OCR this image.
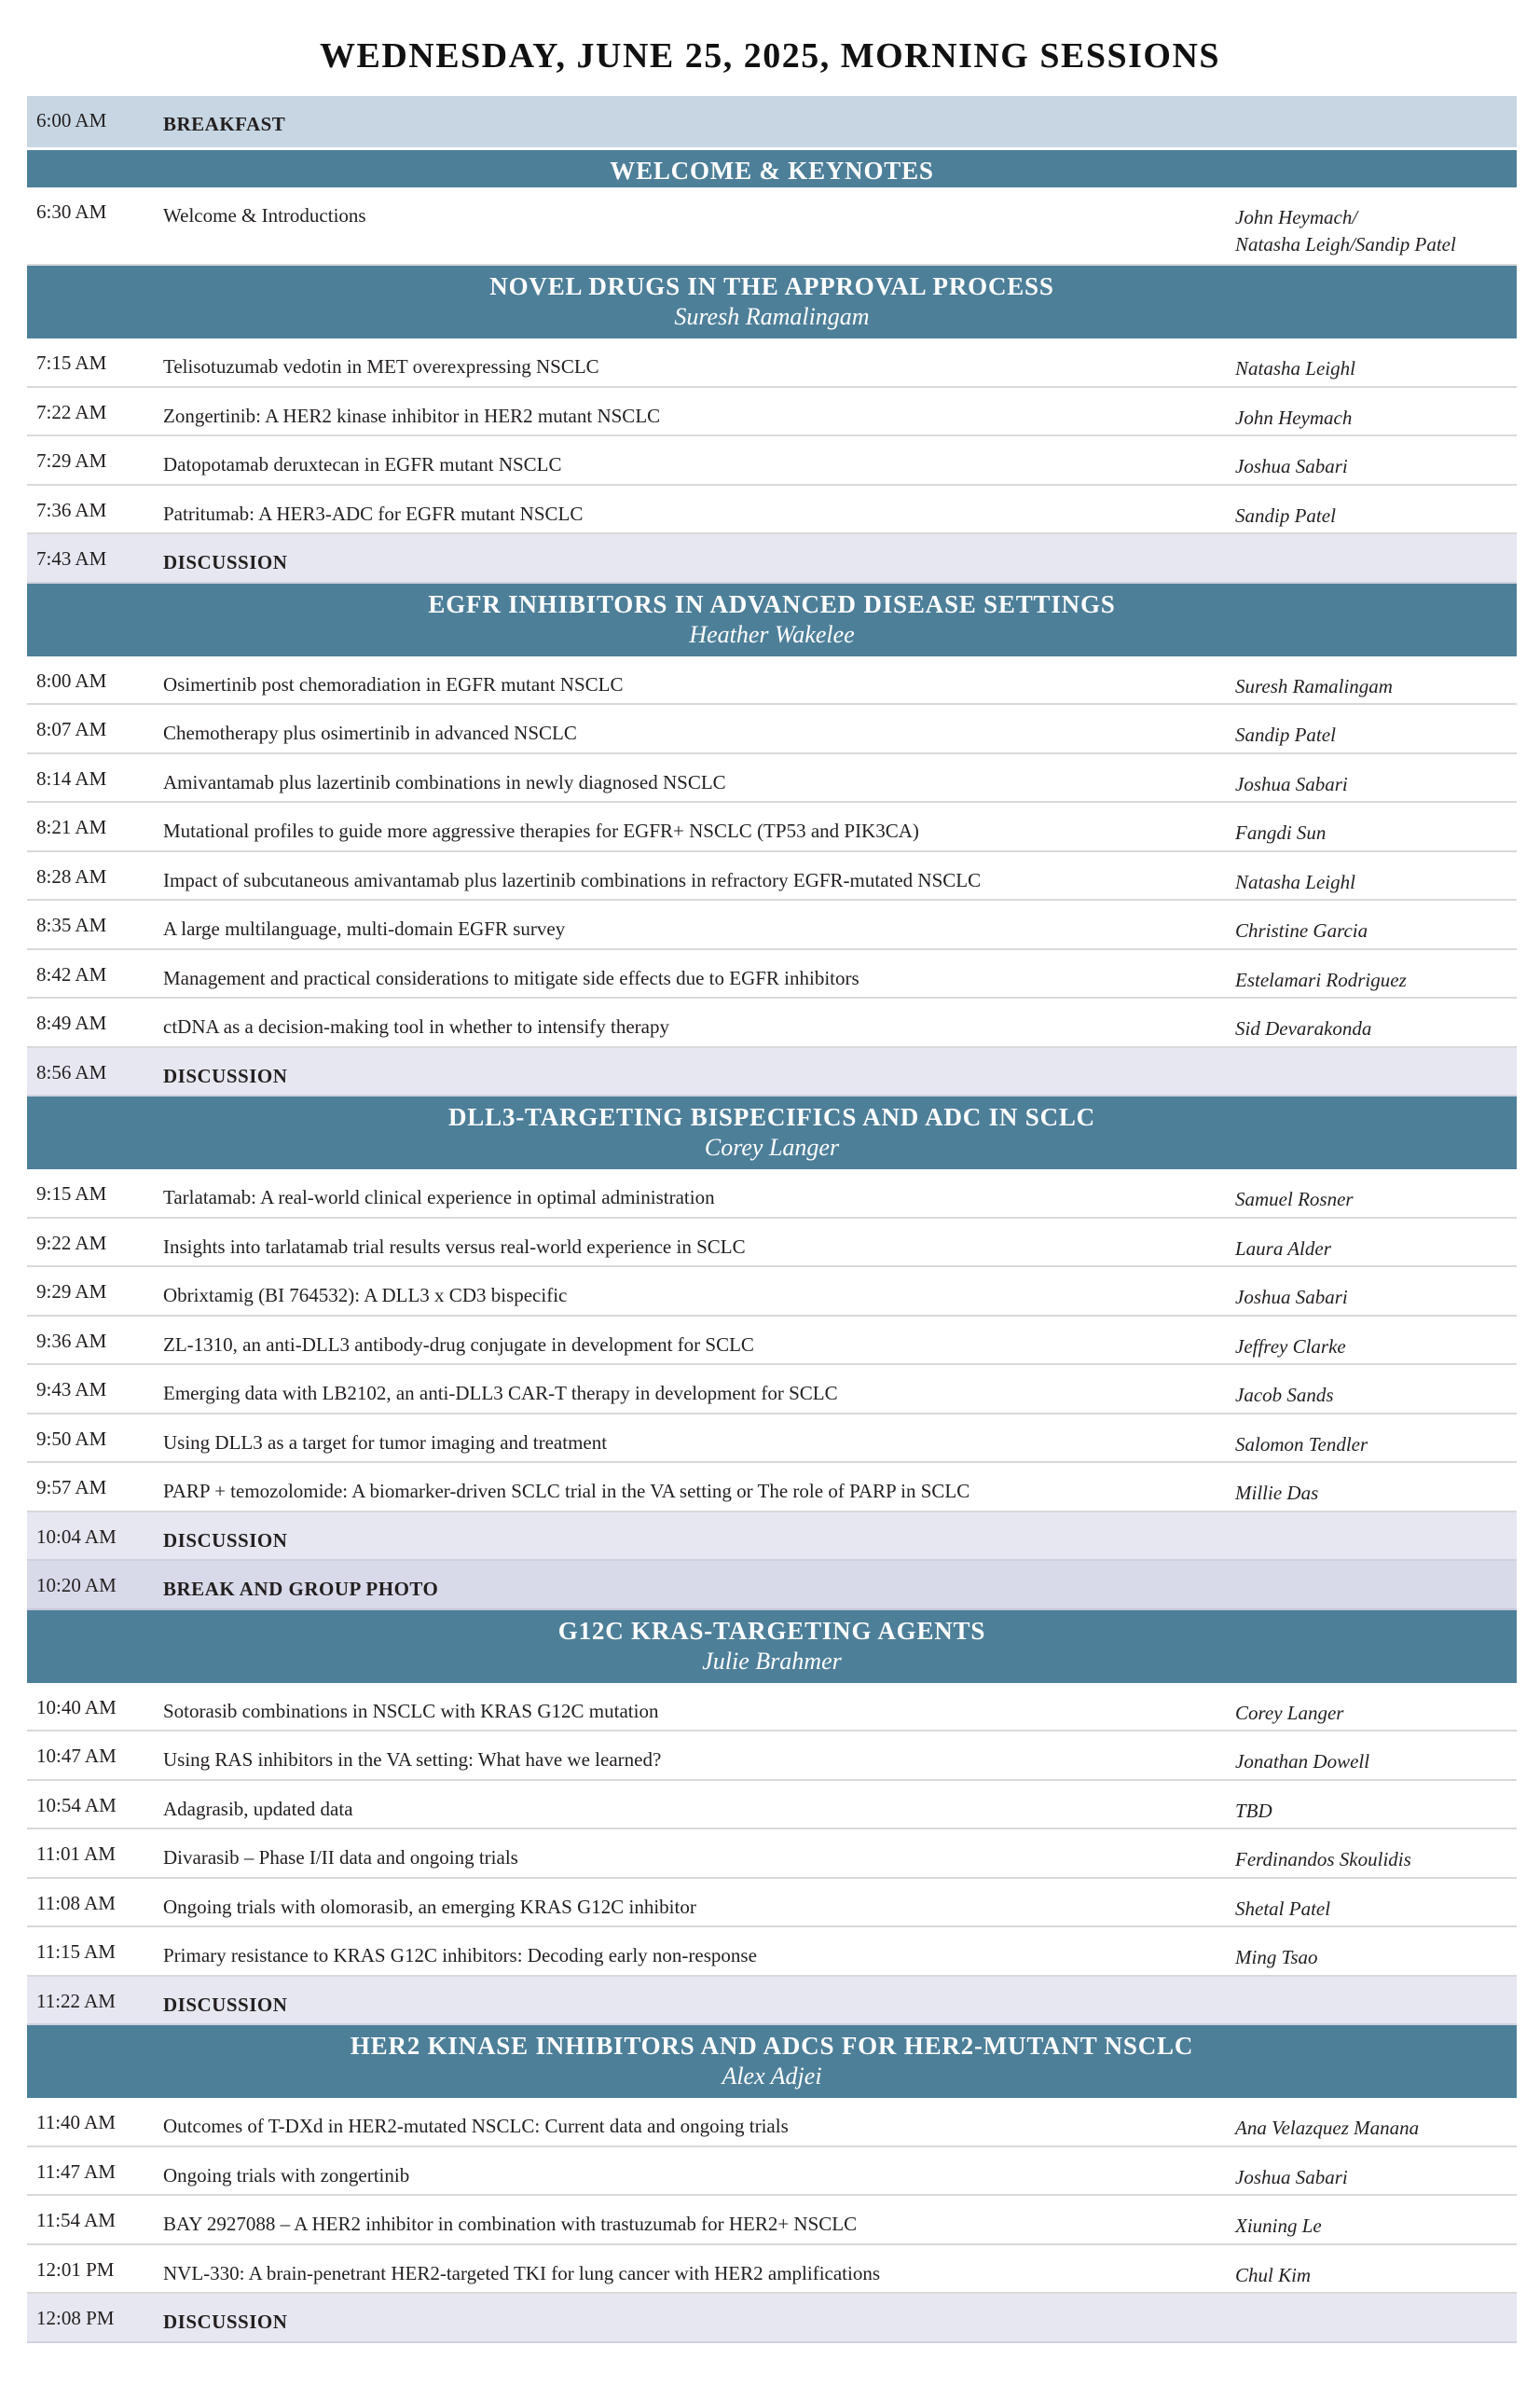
WEDNESDAY, JUNE 25, 2025, MORNING SESSIONS
6:00 AM	BREAKFAST
WELCOME & KEYNOTES
6:30 AM	Welcome & Introductions	John Heymach/
Natasha Leigh/Sandip Patel
NOVEL DRUGS IN THE APPROVAL PROCESS
Suresh Ramalingam
7:15 AM	Telisotuzumab vedotin in MET overexpressing NSCLC	Natasha Leighl
7:22 AM	Zongertinib: A HER2 kinase inhibitor in HER2 mutant NSCLC	John Heymach
7:29 AM	Datopotamab deruxtecan in EGFR mutant NSCLC	Joshua Sabari
7:36 AM	Patritumab: A HER3-ADC for EGFR mutant NSCLC	Sandip Patel
7:43 AM	DISCUSSION
EGFR INHIBITORS IN ADVANCED DISEASE SETTINGS
Heather Wakelee
8:00 AM	Osimertinib post chemoradiation in EGFR mutant NSCLC	Suresh Ramalingam
8:07 AM	Chemotherapy plus osimertinib in advanced NSCLC	Sandip Patel
8:14 AM	Amivantamab plus lazertinib combinations in newly diagnosed NSCLC	Joshua Sabari
8:21 AM	Mutational profiles to guide more aggressive therapies for EGFR+ NSCLC (TP53 and PIK3CA)	Fangdi Sun
8:28 AM	Impact of subcutaneous amivantamab plus lazertinib combinations in refractory EGFR-mutated NSCLC	Natasha Leighl
8:35 AM	A large multilanguage, multi-domain EGFR survey	Christine Garcia
8:42 AM	Management and practical considerations to mitigate side effects due to EGFR inhibitors	Estelamari Rodriguez
8:49 AM	ctDNA as a decision-making tool in whether to intensify therapy	Sid Devarakonda
8:56 AM	DISCUSSION
DLL3-TARGETING BISPECIFICS AND ADC IN SCLC
Corey Langer
9:15 AM	Tarlatamab: A real-world clinical experience in optimal administration	Samuel Rosner
9:22 AM	Insights into tarlatamab trial results versus real-world experience in SCLC	Laura Alder
9:29 AM	Obrixtamig (BI 764532): A DLL3 x CD3 bispecific	Joshua Sabari
9:36 AM	ZL-1310, an anti-DLL3 antibody-drug conjugate in development for SCLC	Jeffrey Clarke
9:43 AM	Emerging data with LB2102, an anti-DLL3 CAR-T therapy in development for SCLC	Jacob Sands
9:50 AM	Using DLL3 as a target for tumor imaging and treatment	Salomon Tendler
9:57 AM	PARP + temozolomide: A biomarker-driven SCLC trial in the VA setting or The role of PARP in SCLC	Millie Das
10:04 AM DISCUSSION
10:20 AM BREAK AND GROUP PHOTO
G12C KRAS-TARGETING AGENTS
Julie Brahmer
10:40 AM Sotorasib combinations in NSCLC with KRAS G12C mutation	Corey Langer
10:47 AM Using RAS inhibitors in the VA setting: What have we learned?	Jonathan Dowell
10:54 AM Adagrasib, updated data	TBD
11:01 AM Divarasib – Phase I/II data and ongoing trials	Ferdinandos Skoulidis
11:08 AM Ongoing trials with olomorasib, an emerging KRAS G12C inhibitor	Shetal Patel
11:15 AM Primary resistance to KRAS G12C inhibitors: Decoding early non-response	Ming Tsao
11:22 AM DISCUSSION
HER2 KINASE INHIBITORS AND ADCS FOR HER2-MUTANT NSCLC
Alex Adjei
11:40 AM Outcomes of T-DXd in HER2-mutated NSCLC: Current data and ongoing trials	Ana Velazquez Manana
11:47 AM Ongoing trials with zongertinib	Joshua Sabari
11:54 AM BAY 2927088 – A HER2 inhibitor in combination with trastuzumab for HER2+ NSCLC	Xiuning Le
12:01 PM	NVL-330: A brain-penetrant HER2-targeted TKI for lung cancer with HER2 amplifications	Chul Kim
12:08 PM	DISCUSSION
